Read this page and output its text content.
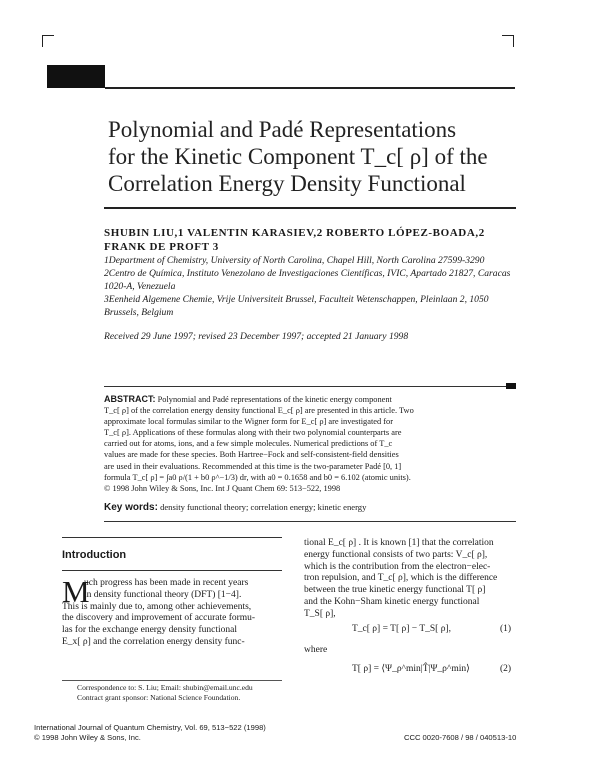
Polynomial and Padé Representations
for the Kinetic Component T_c[ ρ] of the
Correlation Energy Density Functional
SHUBIN LIU,1 VALENTIN KARASIEV,2 ROBERTO LÓPEZ-BOADA,2
FRANK DE PROFT 3

1Department of Chemistry, University of North Carolina, Chapel Hill, North Carolina 27599-3290

2Centro de Química, Instituto Venezolano de Investigaciones Científicas, IVIC, Apartado 21827, Caracas 1020-A, Venezuela

3Eenheid Algemene Chemie, Vrije Universiteit Brussel, Faculteit Wetenschappen, Pleinlaan 2, 1050 Brussels, Belgium

Received 29 June 1997; revised 23 December 1997; accepted 21 January 1998
ABSTRACT: Polynomial and Padé representations of the kinetic energy component
T_c[ ρ] of the correlation energy density functional E_c[ ρ] are presented in this article. Two
approximate local formulas similar to the Wigner form for E_c[ ρ] are investigated for
T_c[ ρ]. Applications of these formulas along with their two polynomial counterparts are
carried out for atoms, ions, and a few simple molecules. Numerical predictions of T_c
values are made for these species. Both Hartree−Fock and self-consistent-field densities
are used in their evaluations. Recommended at this time is the two-parameter Padé [0, 1]
formula T_c[ ρ] = ∫a0 ρ/(1 + b0 ρ^−1/3) dr, with a0 = 0.1658 and b0 = 6.102 (atomic units).
© 1998 John Wiley & Sons, Inc. Int J Quant Chem 69: 513−522, 1998
Key words: density functional theory; correlation energy; kinetic energy
Introduction
M
uch progress has been made in recent years
in density functional theory (DFT) [1−4].
This is mainly due to, among other achievements,
the discovery and improvement of accurate formu-
las for the exchange energy density functional
E_x[ ρ] and the correlation energy density func-
Correspondence to: S. Liu; Email: shubin@email.unc.edu
Contract grant sponsor: National Science Foundation.
tional E_c[ ρ] . It is known [1] that the correlation
energy functional consists of two parts: V_c[ ρ],
which is the contribution from the electron−elec-
tron repulsion, and T_c[ ρ], which is the difference
between the true kinetic energy functional T[ ρ]
and the Kohn−Sham kinetic energy functional
T_S[ ρ],
T_c[ ρ] = T[ ρ] − T_S[ ρ],	(1)
where
T[ ρ] = ⟨Ψ_ρ^min|T̂|Ψ_ρ^min⟩	(2)
International Journal of Quantum Chemistry, Vol. 69, 513−522 (1998)
© 1998 John Wiley & Sons, Inc.	CCC 0020-7608 / 98 / 040513-10
